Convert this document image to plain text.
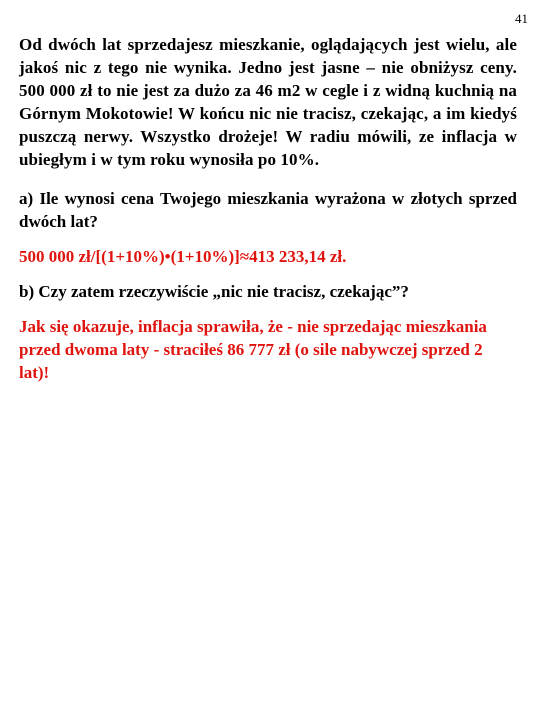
41

Od dwóch lat sprzedajesz mieszkanie, oglądających jest wielu, ale jakoś nic z tego nie wynika. Jedno jest jasne – nie obniżysz ceny. 500 000 zł to nie jest za dużo za 46 m2 w cegle i z widną kuchnią na Górnym Mokotowie! W końcu nic nie tracisz, czekając, a im kiedyś puszczą nerwy. Wszystko drożeje! W radiu mówili, ze inflacja w ubiegłym i w tym roku wynosiła po 10%.

a) Ile wynosi cena Twojego mieszkania wyrażona w złotych sprzed dwóch lat?

500 000 zł/[(1+10%)•(1+10%)]≈413 233,14 zł.

b) Czy zatem rzeczywiście „nic nie tracisz, czekając”?

Jak się okazuje, inflacja sprawiła, że - nie sprzedając mieszkania przed dwoma laty - straciłeś 86 777 zł (o sile nabywczej sprzed 2 lat)!
